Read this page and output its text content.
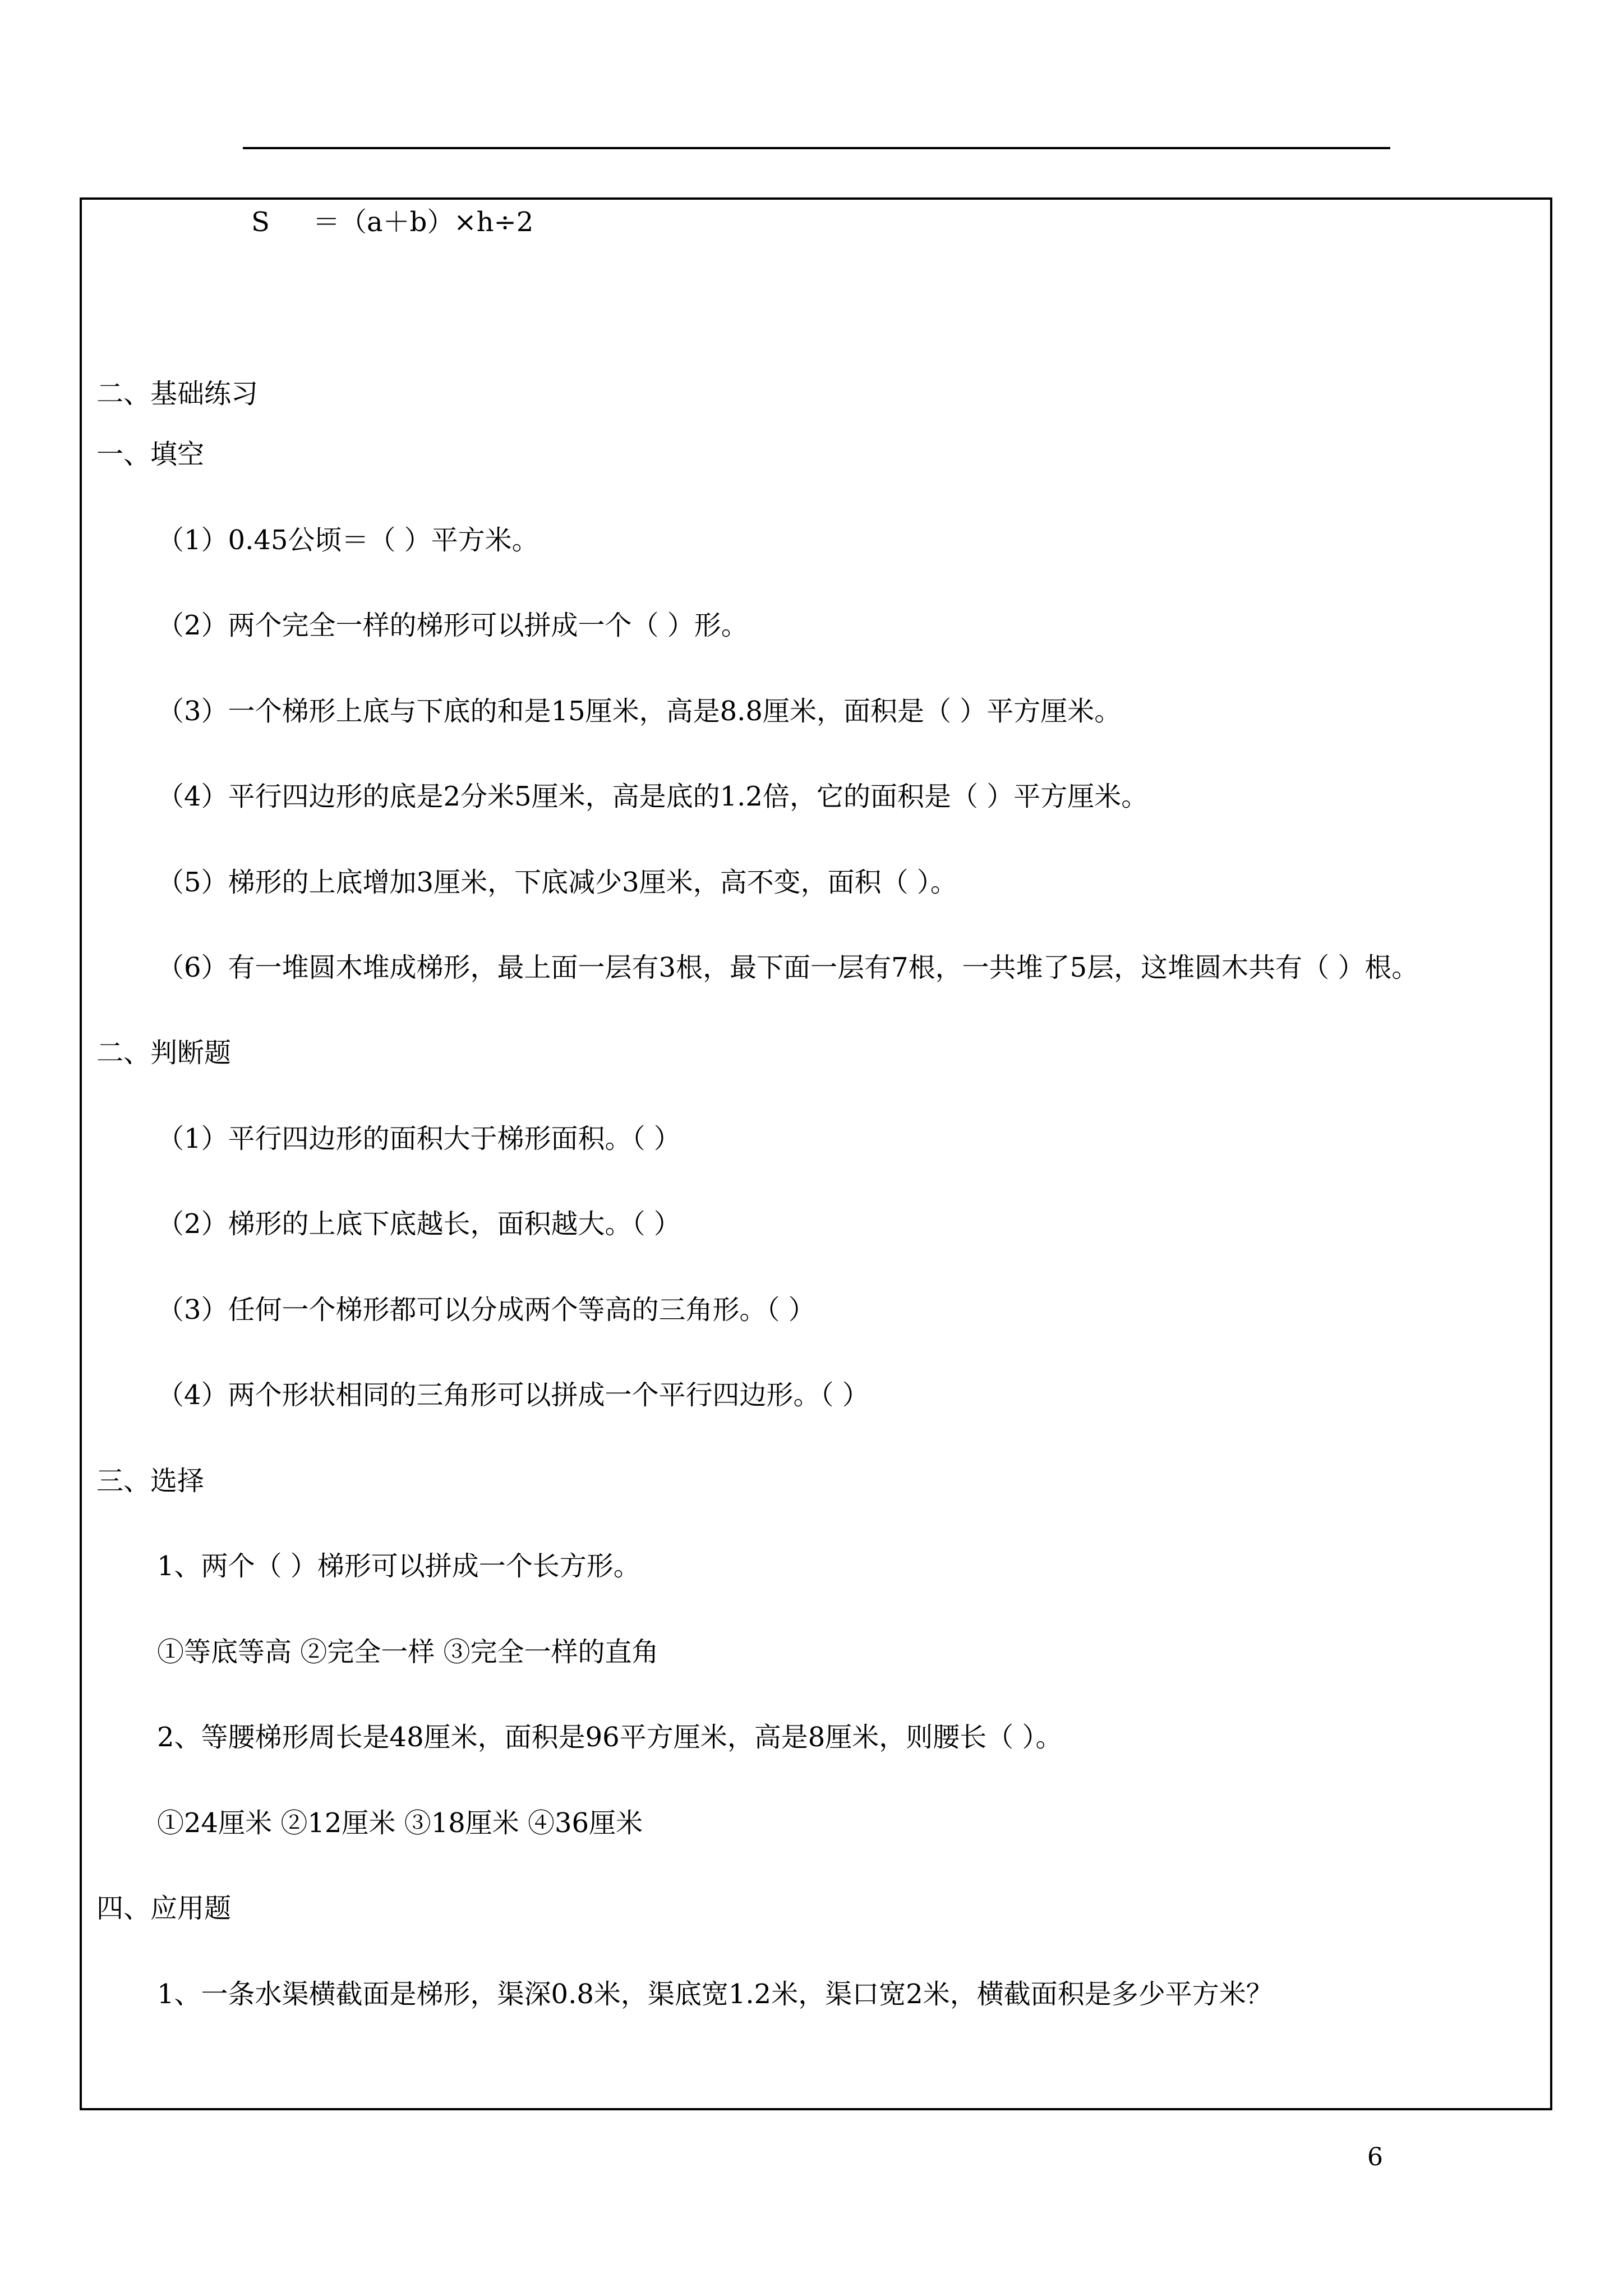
S ＝（a＋b）×h÷2
二、基础练习
一、填空
（1）0.45公顷＝（ ）平方米。
（2）两个完全一样的梯形可以拼成一个（ ）形。
（3）一个梯形上底与下底的和是15厘米，高是8.8厘米，面积是（ ）平方厘米。
（4）平行四边形的底是2分米5厘米，高是底的1.2倍，它的面积是（ ）平方厘米。
（5）梯形的上底增加3厘米，下底减少3厘米，高不变，面积（ ）。
（6）有一堆圆木堆成梯形，最上面一层有3根，最下面一层有7根，一共堆了5层，这堆圆木共有（ ）根。
二、判断题
（1）平行四边形的面积大于梯形面积。（ ）
（2）梯形的上底下底越长，面积越大。（ ）
（3）任何一个梯形都可以分成两个等高的三角形。（ ）
（4）两个形状相同的三角形可以拼成一个平行四边形。（ ）
三、选择
1、两个（ ）梯形可以拼成一个长方形。
①等底等高 ②完全一样 ③完全一样的直角
2、等腰梯形周长是48厘米，面积是96平方厘米，高是8厘米，则腰长（ ）。
①24厘米 ②12厘米 ③18厘米 ④36厘米
四、应用题
1、一条水渠横截面是梯形，渠深0.8米，渠底宽1.2米，渠口宽2米，横截面积是多少平方米？
6
